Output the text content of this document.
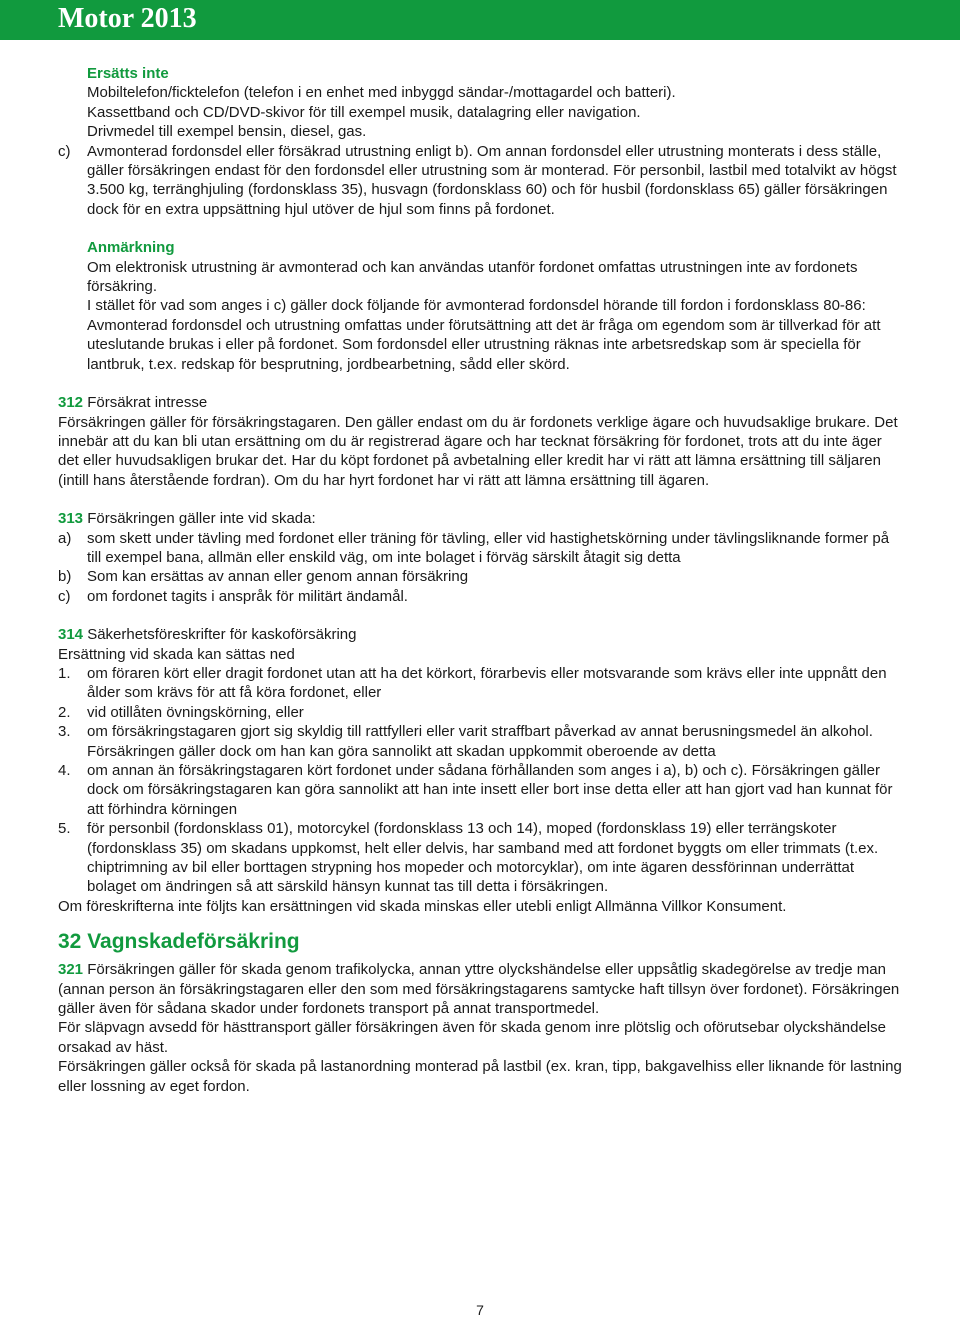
Motor 2013

Ersätts inte

Mobiltelefon/ficktelefon (telefon i en enhet med inbyggd sändar-/mottagardel och batteri).

Kassettband och CD/DVD-skivor för till exempel musik, datalagring eller navigation.

Drivmedel till exempel bensin, diesel, gas.

c)	Avmonterad fordonsdel eller försäkrad utrustning enligt b). Om annan fordonsdel eller utrustning monterats i dess ställe, gäller försäkringen endast för den fordonsdel eller utrustning som är monterad. För personbil, lastbil med totalvikt av högst 3.500 kg, terränghjuling (fordonsklass 35), husvagn (fordonsklass 60) och för husbil (fordonsklass 65) gäller försäkringen dock för en extra uppsättning hjul utöver de hjul som finns på fordonet.

Anmärkning

Om elektronisk utrustning är avmonterad och kan användas utanför fordonet omfattas utrustningen inte av fordonets försäkring.

I stället för vad som anges i c) gäller dock följande för avmonterad fordonsdel hörande till fordon i fordonsklass 80-86: Avmonterad fordonsdel och utrustning omfattas under förutsättning att det är fråga om egendom som är tillverkad för att uteslutande brukas i eller på fordonet. Som fordonsdel eller utrustning räknas inte arbetsredskap som är speciella för lantbruk, t.ex. redskap för besprutning, jordbearbetning, sådd eller skörd.

312 Försäkrat intresse

Försäkringen gäller för försäkringstagaren. Den gäller endast om du är fordonets verklige ägare och huvudsaklige brukare. Det innebär att du kan bli utan ersättning om du är registrerad ägare och har tecknat försäkring för fordonet, trots att du inte äger det eller huvudsakligen brukar det. Har du köpt fordonet på avbetalning eller kredit har vi rätt att lämna ersättning till säljaren (intill hans återstående fordran). Om du har hyrt fordonet har vi rätt att lämna ersättning till ägaren.

313 Försäkringen gäller inte vid skada:

a)	som skett under tävling med fordonet eller träning för tävling, eller vid hastighetskörning under tävlingsliknande former på till exempel bana, allmän eller enskild väg, om inte bolaget i förväg särskilt åtagit sig detta
b)	Som kan ersättas av annan eller genom annan försäkring
c)	om fordonet tagits i anspråk för militärt ändamål.

314 Säkerhetsföreskrifter för kaskoförsäkring

Ersättning vid skada kan sättas ned

1.	om föraren kört eller dragit fordonet utan att ha det körkort, förarbevis eller motsvarande som krävs eller inte uppnått den ålder som krävs för att få köra fordonet, eller
2.	vid otillåten övningskörning, eller
3.	om försäkringstagaren gjort sig skyldig till rattfylleri eller varit straffbart påverkad av annat berusningsmedel än alkohol. Försäkringen gäller dock om han kan göra sannolikt att skadan uppkommit oberoende av detta
4.	om annan än försäkringstagaren kört fordonet under sådana förhållanden som anges i a), b) och c). Försäkringen gäller dock om försäkringstagaren kan göra sannolikt att han inte insett eller bort inse detta eller att han gjort vad han kunnat för att förhindra körningen
5.	för personbil (fordonsklass 01), motorcykel (fordonsklass 13 och 14), moped (fordonsklass 19) eller terrängskoter (fordonsklass 35) om skadans uppkomst, helt eller delvis, har samband med att fordonet byggts om eller trimmats (t.ex. chiptrimning av bil eller borttagen strypning hos mopeder och motorcyklar), om inte ägaren dessförinnan underrättat bolaget om ändringen så att särskild hänsyn kunnat tas till detta i försäkringen.

Om föreskrifterna inte följts kan ersättningen vid skada minskas eller utebli enligt Allmänna Villkor Konsument.

32 Vagnskadeförsäkring

321 Försäkringen gäller för skada genom trafikolycka, annan yttre olyckshändelse eller uppsåtlig skadegörelse av tredje man (annan person än försäkringstagaren eller den som med försäkringstagarens samtycke haft tillsyn över fordonet). Försäkringen gäller även för sådana skador under fordonets transport på annat transportmedel.

För släpvagn avsedd för hästtransport gäller försäkringen även för skada genom inre plötslig och oförutsebar olyckshändelse orsakad av häst.

Försäkringen gäller också för skada på lastanordning monterad på lastbil (ex. kran, tipp, bakgavelhiss eller liknande för lastning eller lossning av eget fordon.

7
